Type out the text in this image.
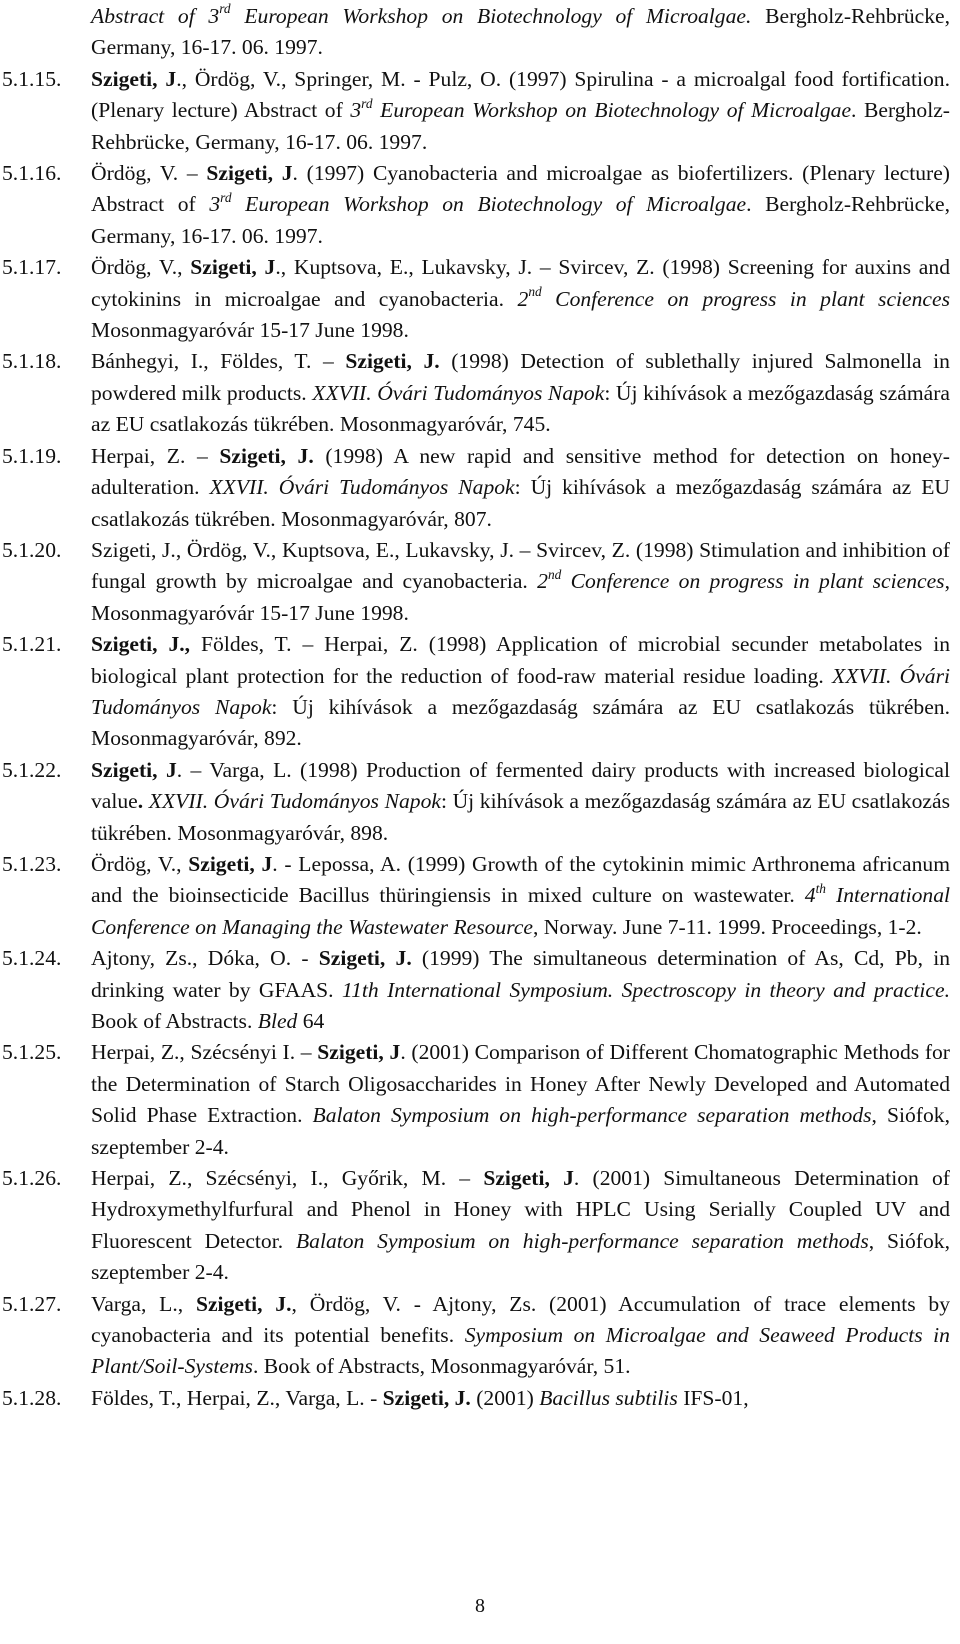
Abstract of 3rd European Workshop on Biotechnology of Microalgae. Bergholz-Rehbrücke, Germany, 16-17. 06. 1997.
5.1.15.	Szigeti, J., Ördög, V., Springer, M. - Pulz, O. (1997) Spirulina - a microalgal food fortification. (Plenary lecture) Abstract of 3rd European Workshop on Biotechnology of Microalgae. Bergholz-Rehbrücke, Germany, 16-17. 06. 1997.
5.1.16.	Ördög, V. – Szigeti, J. (1997) Cyanobacteria and microalgae as biofertilizers. (Plenary lecture) Abstract of 3rd European Workshop on Biotechnology of Microalgae. Bergholz-Rehbrücke, Germany, 16-17. 06. 1997.
5.1.17.	Ördög, V., Szigeti, J., Kuptsova, E., Lukavsky, J. – Svircev, Z. (1998) Screening for auxins and cytokinins in microalgae and cyanobacteria. 2nd Conference on progress in plant sciences Mosonmagyaróvár 15-17 June 1998.
5.1.18.	Bánhegyi, I., Földes, T. – Szigeti, J. (1998) Detection of sublethally injured Salmonella in powdered milk products. XXVII. Óvári Tudományos Napok: Új kihívások a mezőgazdaság számára az EU csatlakozás tükrében. Mosonmagyaróvár, 745.
5.1.19.	Herpai, Z. – Szigeti, J. (1998) A new rapid and sensitive method for detection on honey-adulteration. XXVII. Óvári Tudományos Napok: Új kihívások a mezőgazdaság számára az EU csatlakozás tükrében. Mosonmagyaróvár, 807.
5.1.20.	Szigeti, J., Ördög, V., Kuptsova, E., Lukavsky, J. – Svircev, Z. (1998) Stimulation and inhibition of fungal growth by microalgae and cyanobacteria. 2nd Conference on progress in plant sciences, Mosonmagyaróvár 15-17 June 1998.
5.1.21.	Szigeti, J., Földes, T. – Herpai, Z. (1998) Application of microbial secunder metabolates in biological plant protection for the reduction of food-raw material residue loading. XXVII. Óvári Tudományos Napok: Új kihívások a mezőgazdaság számára az EU csatlakozás tükrében. Mosonmagyaróvár, 892.
5.1.22.	Szigeti, J. – Varga, L. (1998) Production of fermented dairy products with increased biological value. XXVII. Óvári Tudományos Napok: Új kihívások a mezőgazdaság számára az EU csatlakozás tükrében. Mosonmagyaróvár, 898.
5.1.23.	Ördög, V., Szigeti, J. - Lepossa, A. (1999) Growth of the cytokinin mimic Arthronema africanum and the bioinsecticide Bacillus thüringiensis in mixed culture on wastewater. 4th International Conference on Managing the Wastewater Resource, Norway. June 7-11. 1999. Proceedings, 1-2.
5.1.24.	Ajtony, Zs., Dóka, O. - Szigeti, J. (1999) The simultaneous determination of As, Cd, Pb, in drinking water by GFAAS. 11th International Symposium. Spectroscopy in theory and practice. Book of Abstracts. Bled 64
5.1.25.	Herpai, Z., Szécsényi I. – Szigeti, J. (2001) Comparison of Different Chomatographic Methods for the Determination of Starch Oligosaccharides in Honey After Newly Developed and Automated Solid Phase Extraction. Balaton Symposium on high-performance separation methods, Siófok, szeptember 2-4.
5.1.26.	Herpai, Z., Szécsényi, I., Győrik, M. – Szigeti, J. (2001) Simultaneous Determination of Hydroxymethylfurfural and Phenol in Honey with HPLC Using Serially Coupled UV and Fluorescent Detector. Balaton Symposium on high-performance separation methods, Siófok, szeptember 2-4.
5.1.27.	Varga, L., Szigeti, J., Ördög, V. - Ajtony, Zs. (2001) Accumulation of trace elements by cyanobacteria and its potential benefits. Symposium on Microalgae and Seaweed Products in Plant/Soil-Systems. Book of Abstracts, Mosonmagyaróvár, 51.
5.1.28.	Földes, T., Herpai, Z., Varga, L. - Szigeti, J. (2001) Bacillus subtilis IFS-01,
8
